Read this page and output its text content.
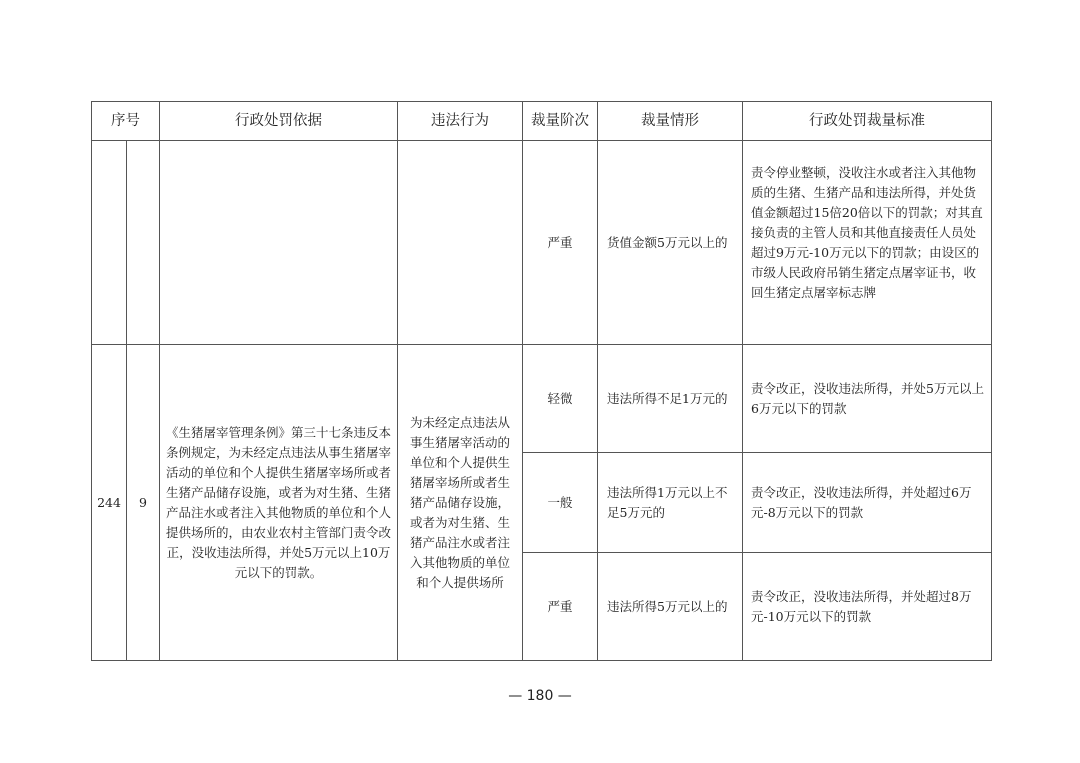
序号		行政处罚依据	违法行为	裁量阶次	裁量情形	行政处罚裁量标准
				严重	货值金额5万元以上的	责令停业整顿，没收注水或者注入其他物质的生猪、生猪产品和违法所得，并处货值金额超过15倍20倍以下的罚款；对其直接负责的主管人员和其他直接责任人员处超过9万元-10万元以下的罚款；由设区的市级人民政府吊销生猪定点屠宰证书，收回生猪定点屠宰标志牌
244	9	《生猪屠宰管理条例》第三十七条违反本条例规定，为未经定点违法从事生猪屠宰活动的单位和个人提供生猪屠宰场所或者生猪产品储存设施，或者为对生猪、生猪产品注水或者注入其他物质的单位和个人提供场所的，由农业农村主管部门责令改正，没收违法所得，并处5万元以上10万元以下的罚款。	为未经定点违法从事生猪屠宰活动的单位和个人提供生猪屠宰场所或者生猪产品储存设施，或者为对生猪、生猪产品注水或者注入其他物质的单位和个人提供场所	轻微	违法所得不足1万元的	责令改正，没收违法所得，并处5万元以上6万元以下的罚款
				一般	违法所得1万元以上不足5万元的	责令改正，没收违法所得，并处超过6万元-8万元以下的罚款
				严重	违法所得5万元以上的	责令改正，没收违法所得，并处超过8万元-10万元以下的罚款
— 180 —
